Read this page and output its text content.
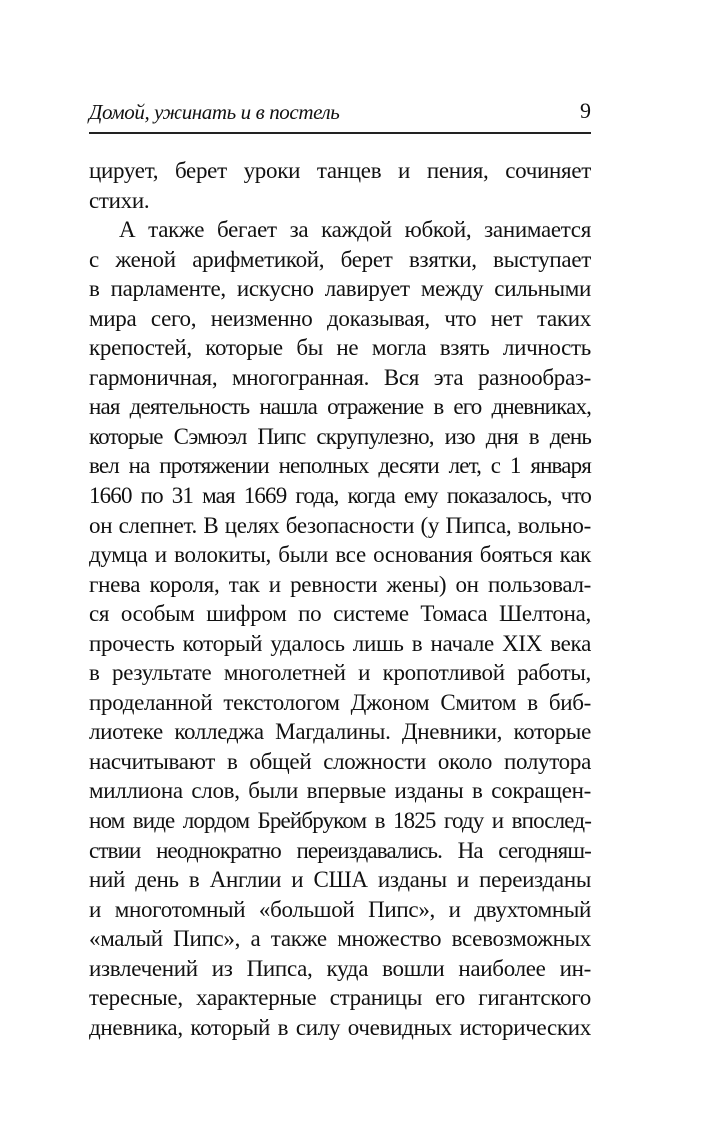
Домой, ужинать и в постель	9
цирует, берет уроки танцев и пения, сочиняет
стихи.
А также бегает за каждой юбкой, занимается
с женой арифметикой, берет взятки, выступает
в парламенте, искусно лавирует между сильными
мира сего, неизменно доказывая, что нет таких
крепостей, которые бы не могла взять личность
гармоничная, многогранная. Вся эта разнообраз-
ная деятельность нашла отражение в его дневниках,
которые Сэмюэл Пипс скрупулезно, изо дня в день
вел на протяжении неполных десяти лет, с 1 января
1660 по 31 мая 1669 года, когда ему показалось, что
он слепнет. В целях безопасности (у Пипса, вольно-
думца и волокиты, были все основания бояться как
гнева короля, так и ревности жены) он пользовал-
ся особым шифром по системе Томаса Шелтона,
прочесть который удалось лишь в начале XIX века
в результате многолетней и кропотливой работы,
проделанной текстологом Джоном Смитом в биб-
лиотеке колледжа Магдалины. Дневники, которые
насчитывают в общей сложности около полутора
миллиона слов, были впервые изданы в сокращен-
ном виде лордом Брейбруком в 1825 году и впослед-
ствии неоднократно переиздавались. На сегодняш-
ний день в Англии и США изданы и переизданы
и многотомный «большой Пипс», и двухтомный
«малый Пипс», а также множество всевозможных
извлечений из Пипса, куда вошли наиболее ин-
тересные, характерные страницы его гигантского
дневника, который в силу очевидных исторических
